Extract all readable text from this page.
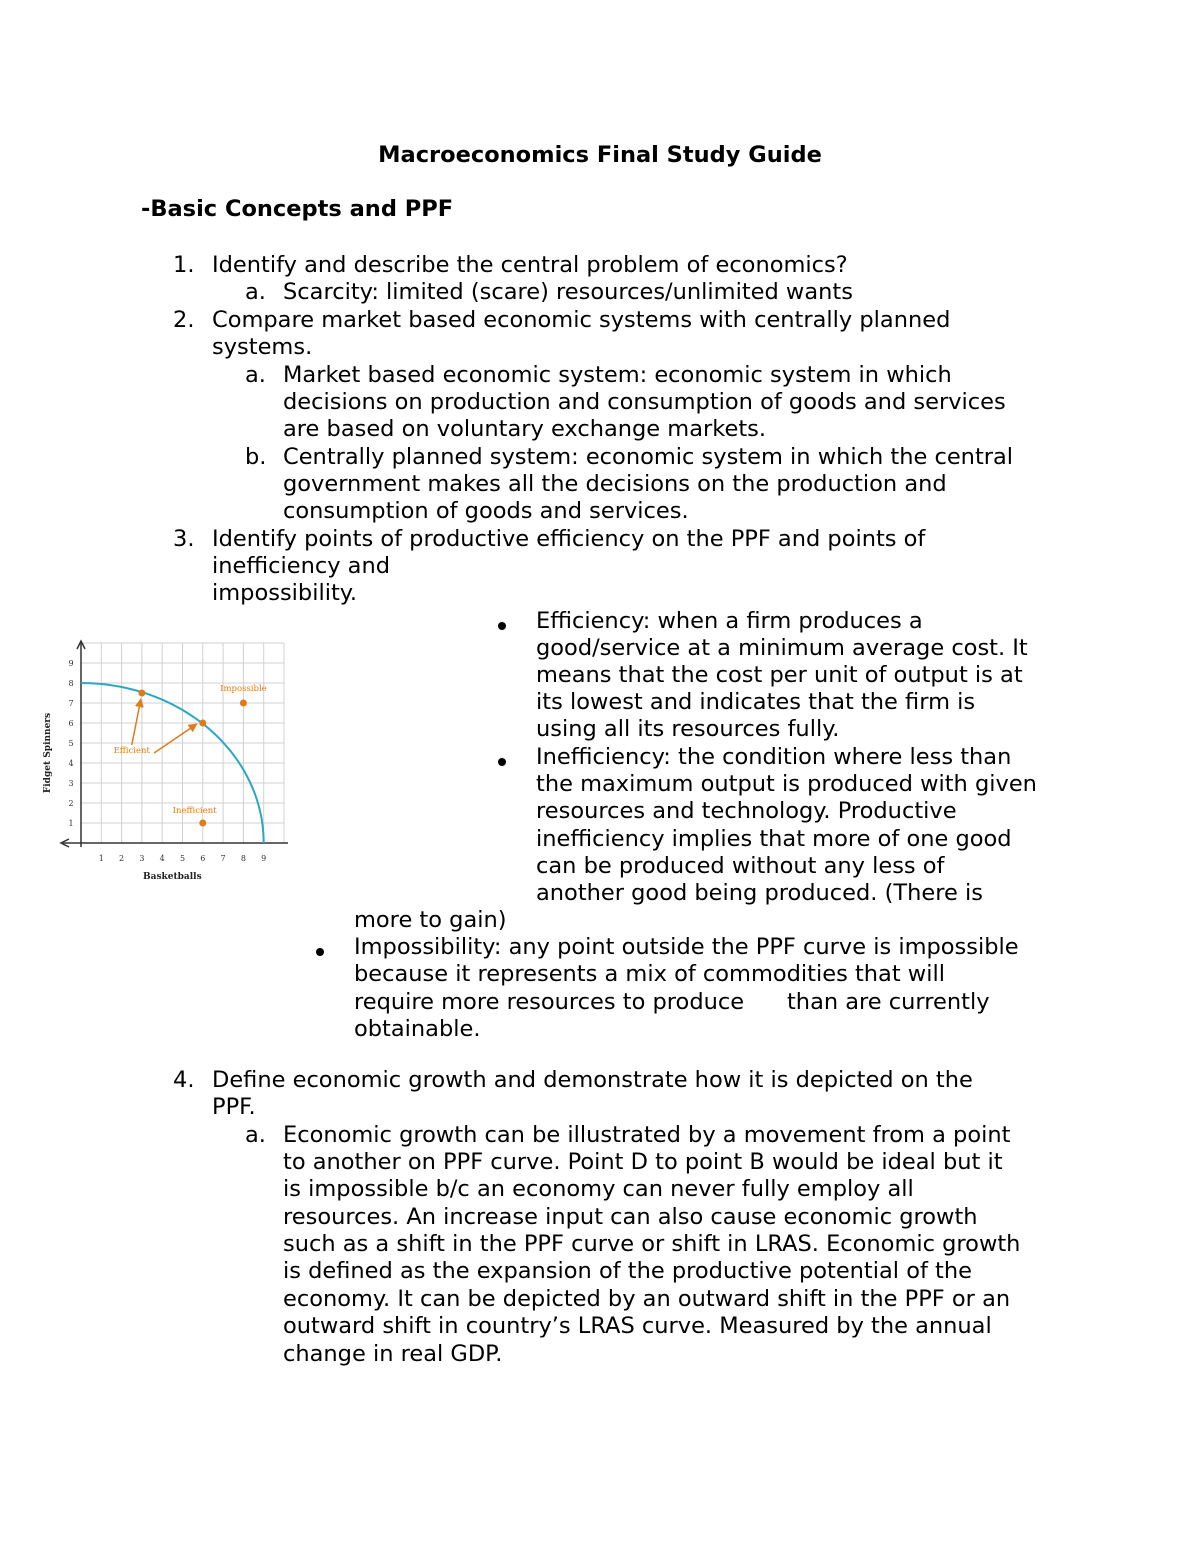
Macroeconomics Final Study Guide
-Basic Concepts and PPF
1. Identify and describe the central problem of economics?
a. Scarcity: limited (scare) resources/unlimited wants
2. Compare market based economic systems with centrally planned
systems.
a. Market based economic system: economic system in which
decisions on production and consumption of goods and services
are based on voluntary exchange markets.
b. Centrally planned system: economic system in which the central
government makes all the decisions on the production and
consumption of goods and services.
3. Identify points of productive efficiency on the PPF and points of
inefficiency and
impossibility.
Efficiency: when a firm produces a
good/service at a minimum average cost. It
means that the cost per unit of output is at
its lowest and indicates that the firm is
using all its resources fully.
Inefficiency: the condition where less than
the maximum output is produced with given
resources and technology. Productive
inefficiency implies that more of one good
can be produced without any less of
another good being produced. (There is
more to gain)
Impossibility: any point outside the PPF curve is impossible
because it represents a mix of commodities that will
require more resources to produce      than are currently
obtainable.
4. Define economic growth and demonstrate how it is depicted on the
PPF.
a. Economic growth can be illustrated by a movement from a point
to another on PPF curve. Point D to point B would be ideal but it
is impossible b/c an economy can never fully employ all
resources. An increase input can also cause economic growth
such as a shift in the PPF curve or shift in LRAS. Economic growth
is defined as the expansion of the productive potential of the
economy. It can be depicted by an outward shift in the PPF or an
outward shift in country’s LRAS curve. Measured by the annual
change in real GDP.
1 2 3 4 5 6 7 8 9
1
2
3
4
5
6
7
8
9
Basketballs
Fidget Spinners	Efficient
Impossible
Inefficient
